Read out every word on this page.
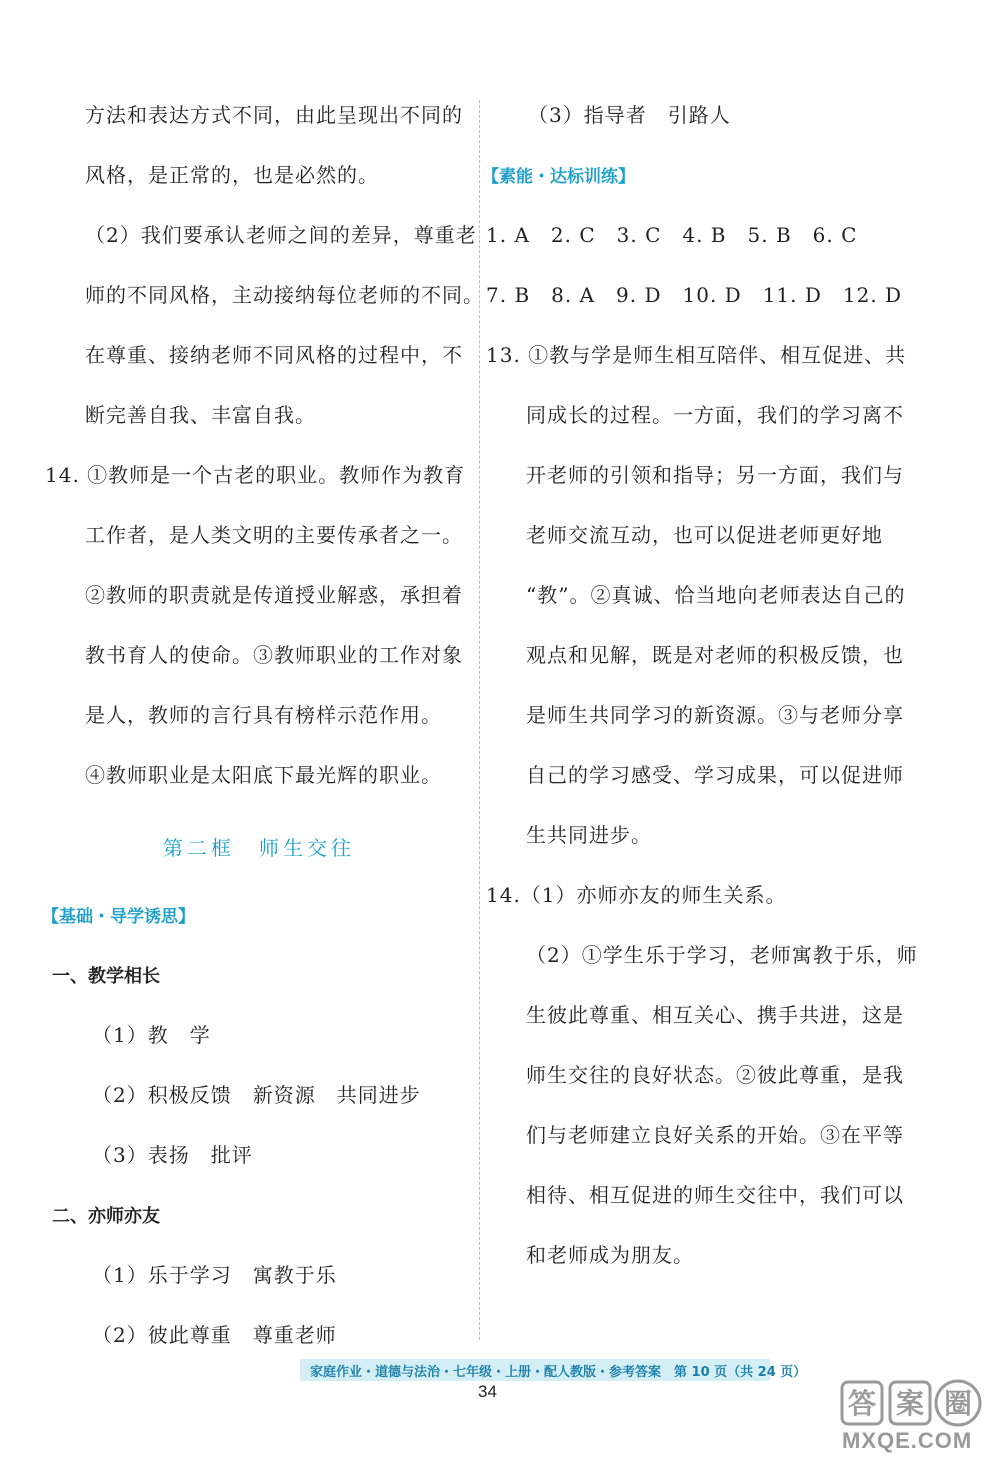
方法和表达方式不同，由此呈现出不同的
风格，是正常的，也是必然的。
（2）我们要承认老师之间的差异，尊重老
师的不同风格，主动接纳每位老师的不同。
在尊重、接纳老师不同风格的过程中，不
断完善自我、丰富自我。
14. ①教师是一个古老的职业。教师作为教育
工作者，是人类文明的主要传承者之一。
②教师的职责就是传道授业解惑，承担着
教书育人的使命。③教师职业的工作对象
是人，教师的言行具有榜样示范作用。
④教师职业是太阳底下最光辉的职业。
第二框　师生交往
【基础・导学诱思】
一、教学相长
（1）教　学
（2）积极反馈　新资源　共同进步
（3）表扬　批评
二、亦师亦友
（1）乐于学习　寓教于乐
（2）彼此尊重　尊重老师
（3）指导者　引路人
【素能・达标训练】
1. A　2. C　3. C　4. B　5. B　6. C
7. B　8. A　9. D　10. D　11. D　12. D
13. ①教与学是师生相互陪伴、相互促进、共
同成长的过程。一方面，我们的学习离不
开老师的引领和指导；另一方面，我们与
老师交流互动，也可以促进老师更好地
“教”。②真诚、恰当地向老师表达自己的
观点和见解，既是对老师的积极反馈，也
是师生共同学习的新资源。③与老师分享
自己的学习感受、学习成果，可以促进师
生共同进步。
14.（1）亦师亦友的师生关系。
（2）①学生乐于学习，老师寓教于乐，师
生彼此尊重、相互关心、携手共进，这是
师生交往的良好状态。②彼此尊重，是我
们与老师建立良好关系的开始。③在平等
相待、相互促进的师生交往中，我们可以
和老师成为朋友。
家庭作业・道德与法治・七年级・上册・配人教版・参考答案　第 10 页（共 24 页）
34	答 案 圈
MXQE.COM
